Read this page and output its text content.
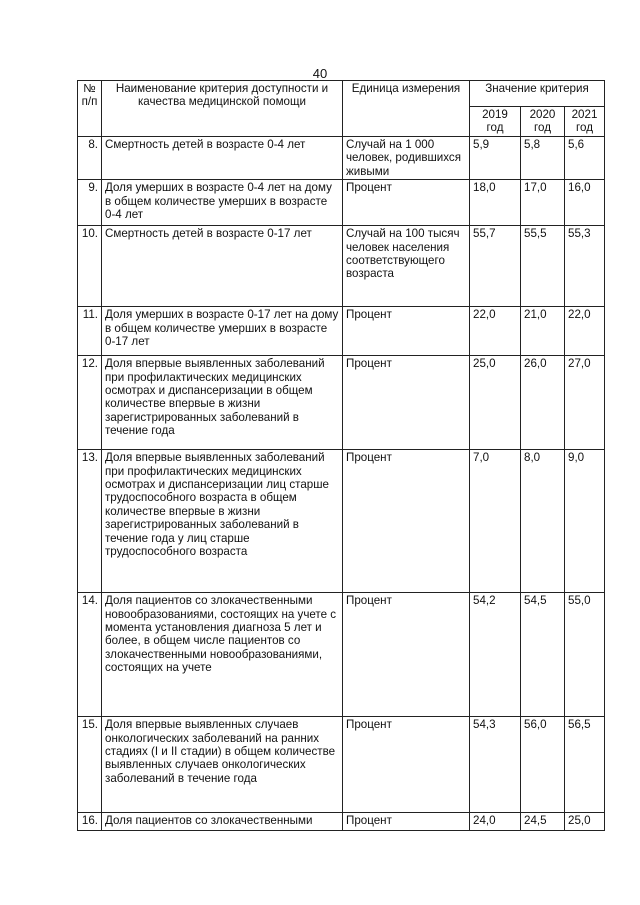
40
№ п/п	Наименование критерия доступности и качества медицинской помощи	Единица измерения	Значение критерия		
			2019 год	2020 год	2021 год
8.	Смертность детей в возрасте 0-4 лет	Случай на 1 000 человек, родившихся живыми	5,9	5,8	5,6
9.	Доля умерших в возрасте 0-4 лет на дому в общем количестве умерших в возрасте 0-4 лет	Процент	18,0	17,0	16,0
10.	Смертность детей в возрасте 0-17 лет	Случай на 100 тысяч человек населения соответствующего возраста	55,7	55,5	55,3
11.	Доля умерших в возрасте 0-17 лет на дому в общем количестве умерших в возрасте 0-17 лет	Процент	22,0	21,0	22,0
12.	Доля впервые выявленных заболеваний при профилактических медицинских осмотрах и диспансеризации в общем количестве впервые в жизни зарегистрированных заболеваний в течение года	Процент	25,0	26,0	27,0
13.	Доля впервые выявленных заболеваний при профилактических медицинских осмотрах и диспансеризации лиц старше трудоспособного возраста в общем количестве впервые в жизни зарегистрированных заболеваний в течение года у лиц старше трудоспособного возраста	Процент	7,0	8,0	9,0
14.	Доля пациентов со злокачественными новообразованиями, состоящих на учете с момента установления диагноза 5 лет и более, в общем числе пациентов со злокачественными новообразованиями, состоящих на учете	Процент	54,2	54,5	55,0
15.	Доля впервые выявленных случаев онкологических заболеваний на ранних стадиях (I и II стадии) в общем количестве выявленных случаев онкологических заболеваний в течение года	Процент	54,3	56,0	56,5
16.	Доля пациентов со злокачественными	Процент	24,0	24,5	25,0
